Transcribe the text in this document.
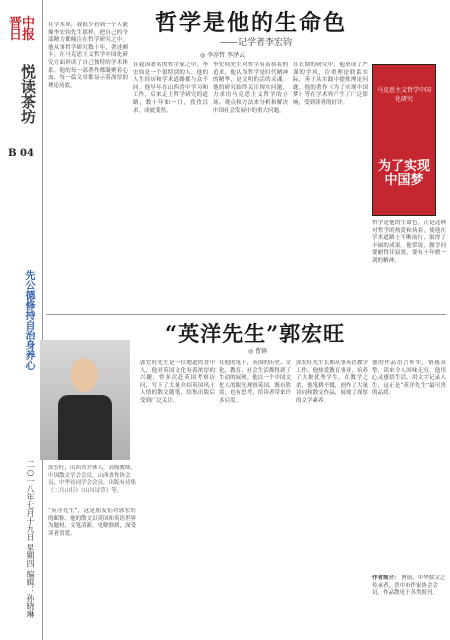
晋中日报
悦读茶坊
B 04
先公德修持自治身养心
二○一八年七月十九日 星期四 编辑：孙晓琳
哲学是他的生命色
——记学者李宏钧
◎ 李淳哲 李泽云
在学术界，我很少看到一个人能像李宏钧先生那样，把自己的全部精力都倾注在哲学研究之中。他从事哲学研究数十年，著述颇丰，在马克思主义哲学中国化研究方面形成了自己独特的学术体系。他的每一部著作都凝聚着心血，每一篇文章都显示着深厚的理论功底。
在我国著名的哲学家之中，李宏钧是一个很特别的人。他的人生经历和学术道路都与众不同。他早年在山西晋中学习和工作，后来走上哲学研究的道路，数十年如一日，孜孜以求，成就斐然。
李宏钧先生对哲学有着执着的追求，他认为哲学是时代精神的精华，是文明的活的灵魂。他的研究始终关注现实问题，力求用马克思主义哲学的立场、观点和方法来分析和解决中国社会发展中的重大问题。
在长期的研究中，他形成了严谨的学风，注重理论联系实际，善于从实践中提炼理论问题。他的著作《为了实现中国梦》等在学术界产生了广泛影响，受到读者的好评。
哲学是他的生命色。正是这种对哲学的热爱和执着，使他在学术道路上不断前行，取得了丰硕的成果。他常说，做学问要耐得住寂寞，要有十年磨一剑的精神。
马克思主义哲学中国化研究
为了实现中国梦
“英洋先生”郭宏旺
◎ 曹镇
郭宏旺，山西省介休人，高级教师，中国散文学会会员，山西省作协会员，中华诗词学会会员。出版有诗集《二月山行》《山川诗草》等。
“英洋先生”，这是朋友们对郭宏旺的昵称。他的散文以英国和英语世界为题材，文笔清新，见解独到，深受读者喜爱。
郭宏旺先生是一位地道的晋中人，他对英国文化有着浓厚的兴趣，曾多次赴英国考察访问，写下了大量介绍英国风土人情的散文随笔，结集出版后受到广泛关注。
在他的笔下，英国的历史、文化、教育、社会生活都得到了生动的展现。他以一个中国文化人的眼光观察英国，既有欣赏，也有思考，给读者带来许多启发。
郭宏旺先生长期从事英语教学工作，他热爱教育事业，培养了大批优秀学生。在教学之余，他笔耕不辍，创作了大量诗词和散文作品，展现了深厚的文学素养。
他的作品语言朴实，情感真挚，读来令人回味无穷。他用心灵感悟生活，用文字记录人生，这正是“英洋先生”最可贵的品质。
作者简介： 曹镇，中华散文之传承者，晋中市作家协会会员，作品散见于各类报刊。
